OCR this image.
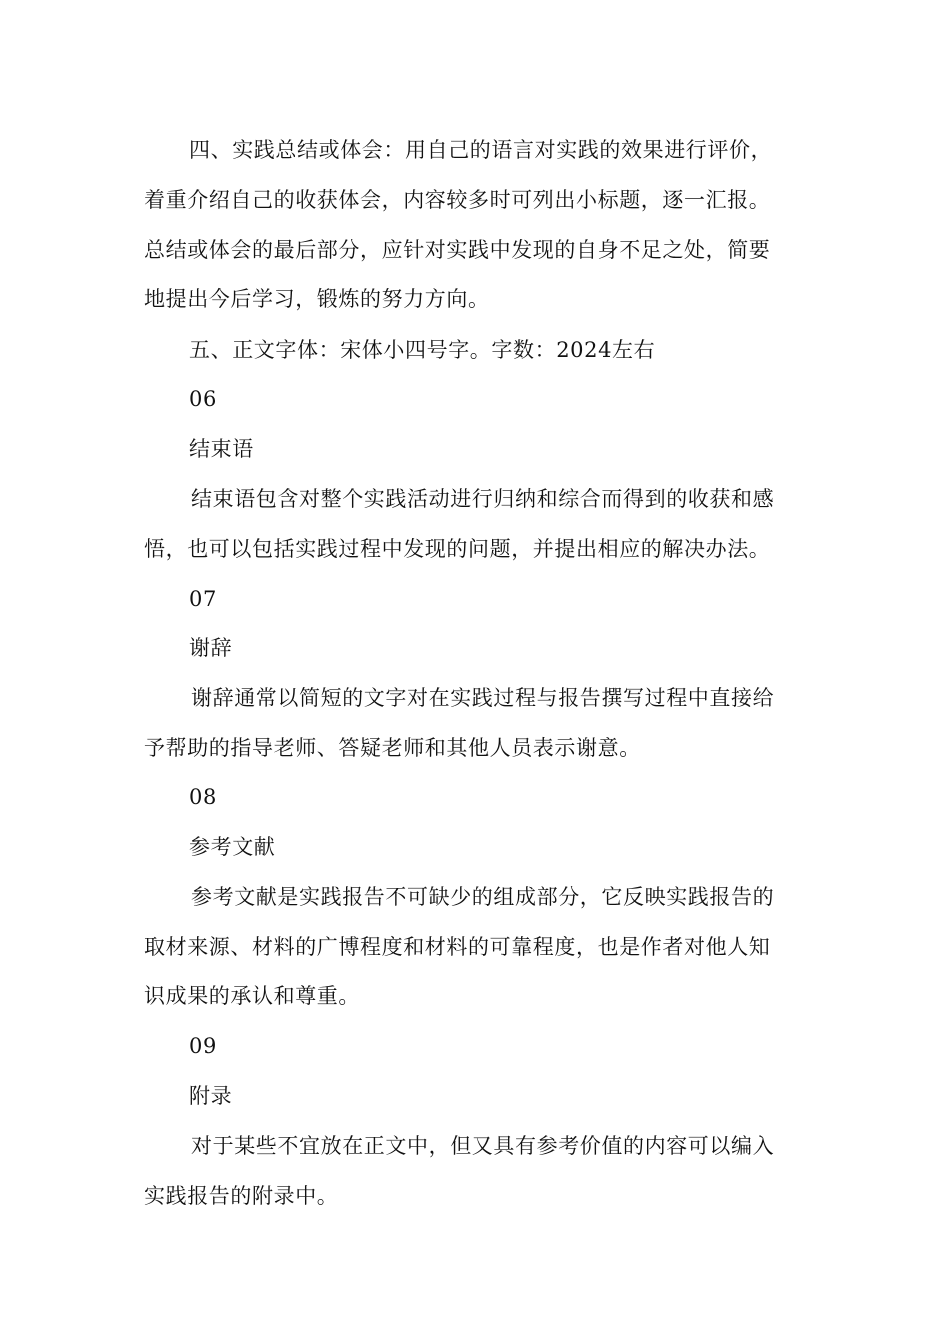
四、实践总结或体会：用自己的语言对实践的效果进行评价，
着重介绍自己的收获体会，内容较多时可列出小标题，逐一汇报。
总结或体会的最后部分，应针对实践中发现的自身不足之处，简要
地提出今后学习，锻炼的努力方向。
五、正文字体：宋体小四号字。字数：2024左右
06
结束语
结束语包含对整个实践活动进行归纳和综合而得到的收获和感
悟，也可以包括实践过程中发现的问题，并提出相应的解决办法。
07
谢辞
谢辞通常以简短的文字对在实践过程与报告撰写过程中直接给
予帮助的指导老师、答疑老师和其他人员表示谢意。
08
参考文献
参考文献是实践报告不可缺少的组成部分，它反映实践报告的
取材来源、材料的广博程度和材料的可靠程度，也是作者对他人知
识成果的承认和尊重。
09
附录
对于某些不宜放在正文中，但又具有参考价值的内容可以编入
实践报告的附录中。
